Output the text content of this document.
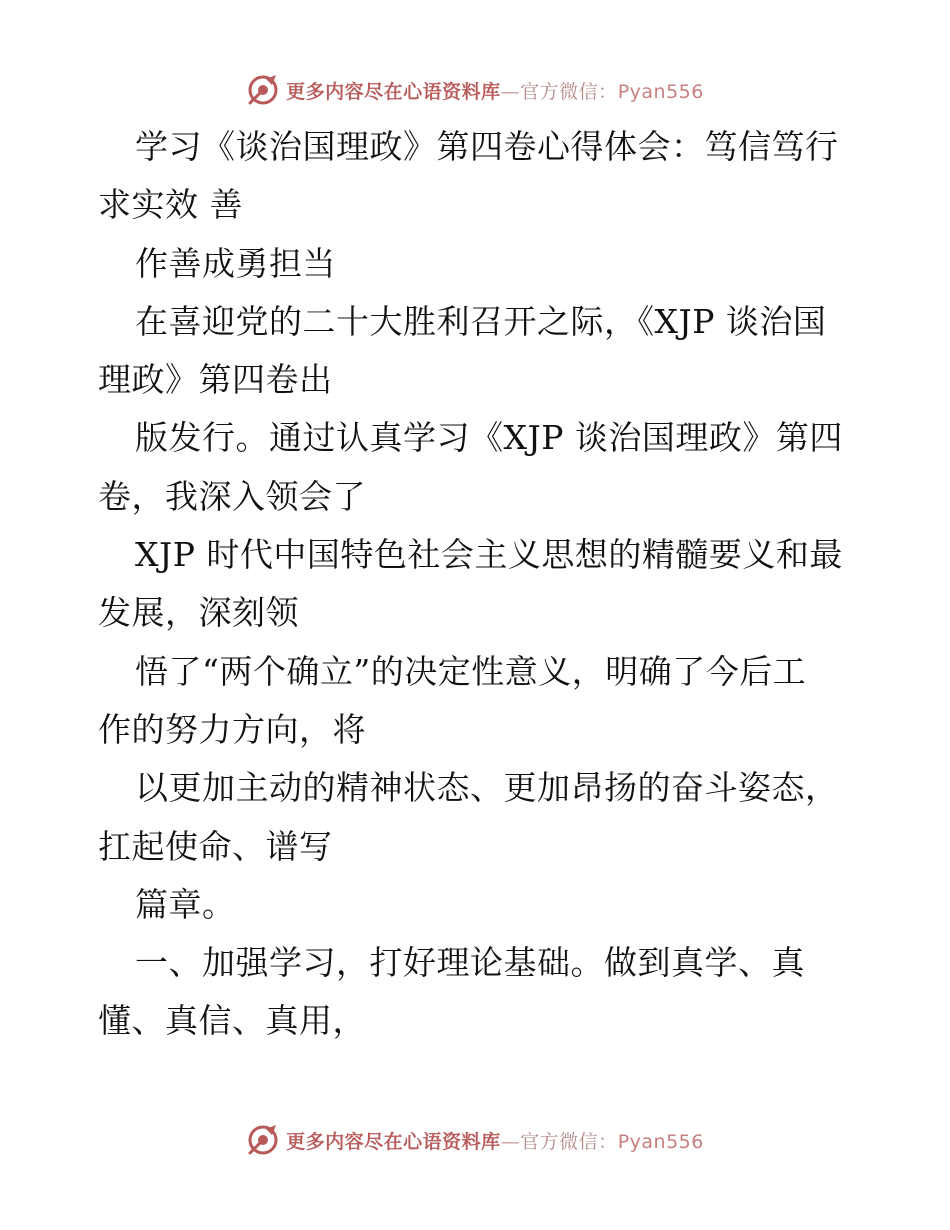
更多内容尽在心语资料库—官方微信：Pyan556
学习《谈治国理政》第四卷心得体会：笃信笃行
求实效 善
作善成勇担当
在喜迎党的二十大胜利召开之际，《XJP 谈治国
理政》第四卷出
版发行。通过认真学习《XJP 谈治国理政》第四
卷，我深入领会了
XJP 时代中国特色社会主义思想的精髓要义和最
发展，深刻领
悟了“两个确立”的决定性意义，明确了今后工
作的努力方向，将
以更加主动的精神状态、更加昂扬的奋斗姿态，
扛起使命、谱写
篇章。
一、加强学习，打好理论基础。做到真学、真
懂、真信、真用，
更多内容尽在心语资料库—官方微信：Pyan556
